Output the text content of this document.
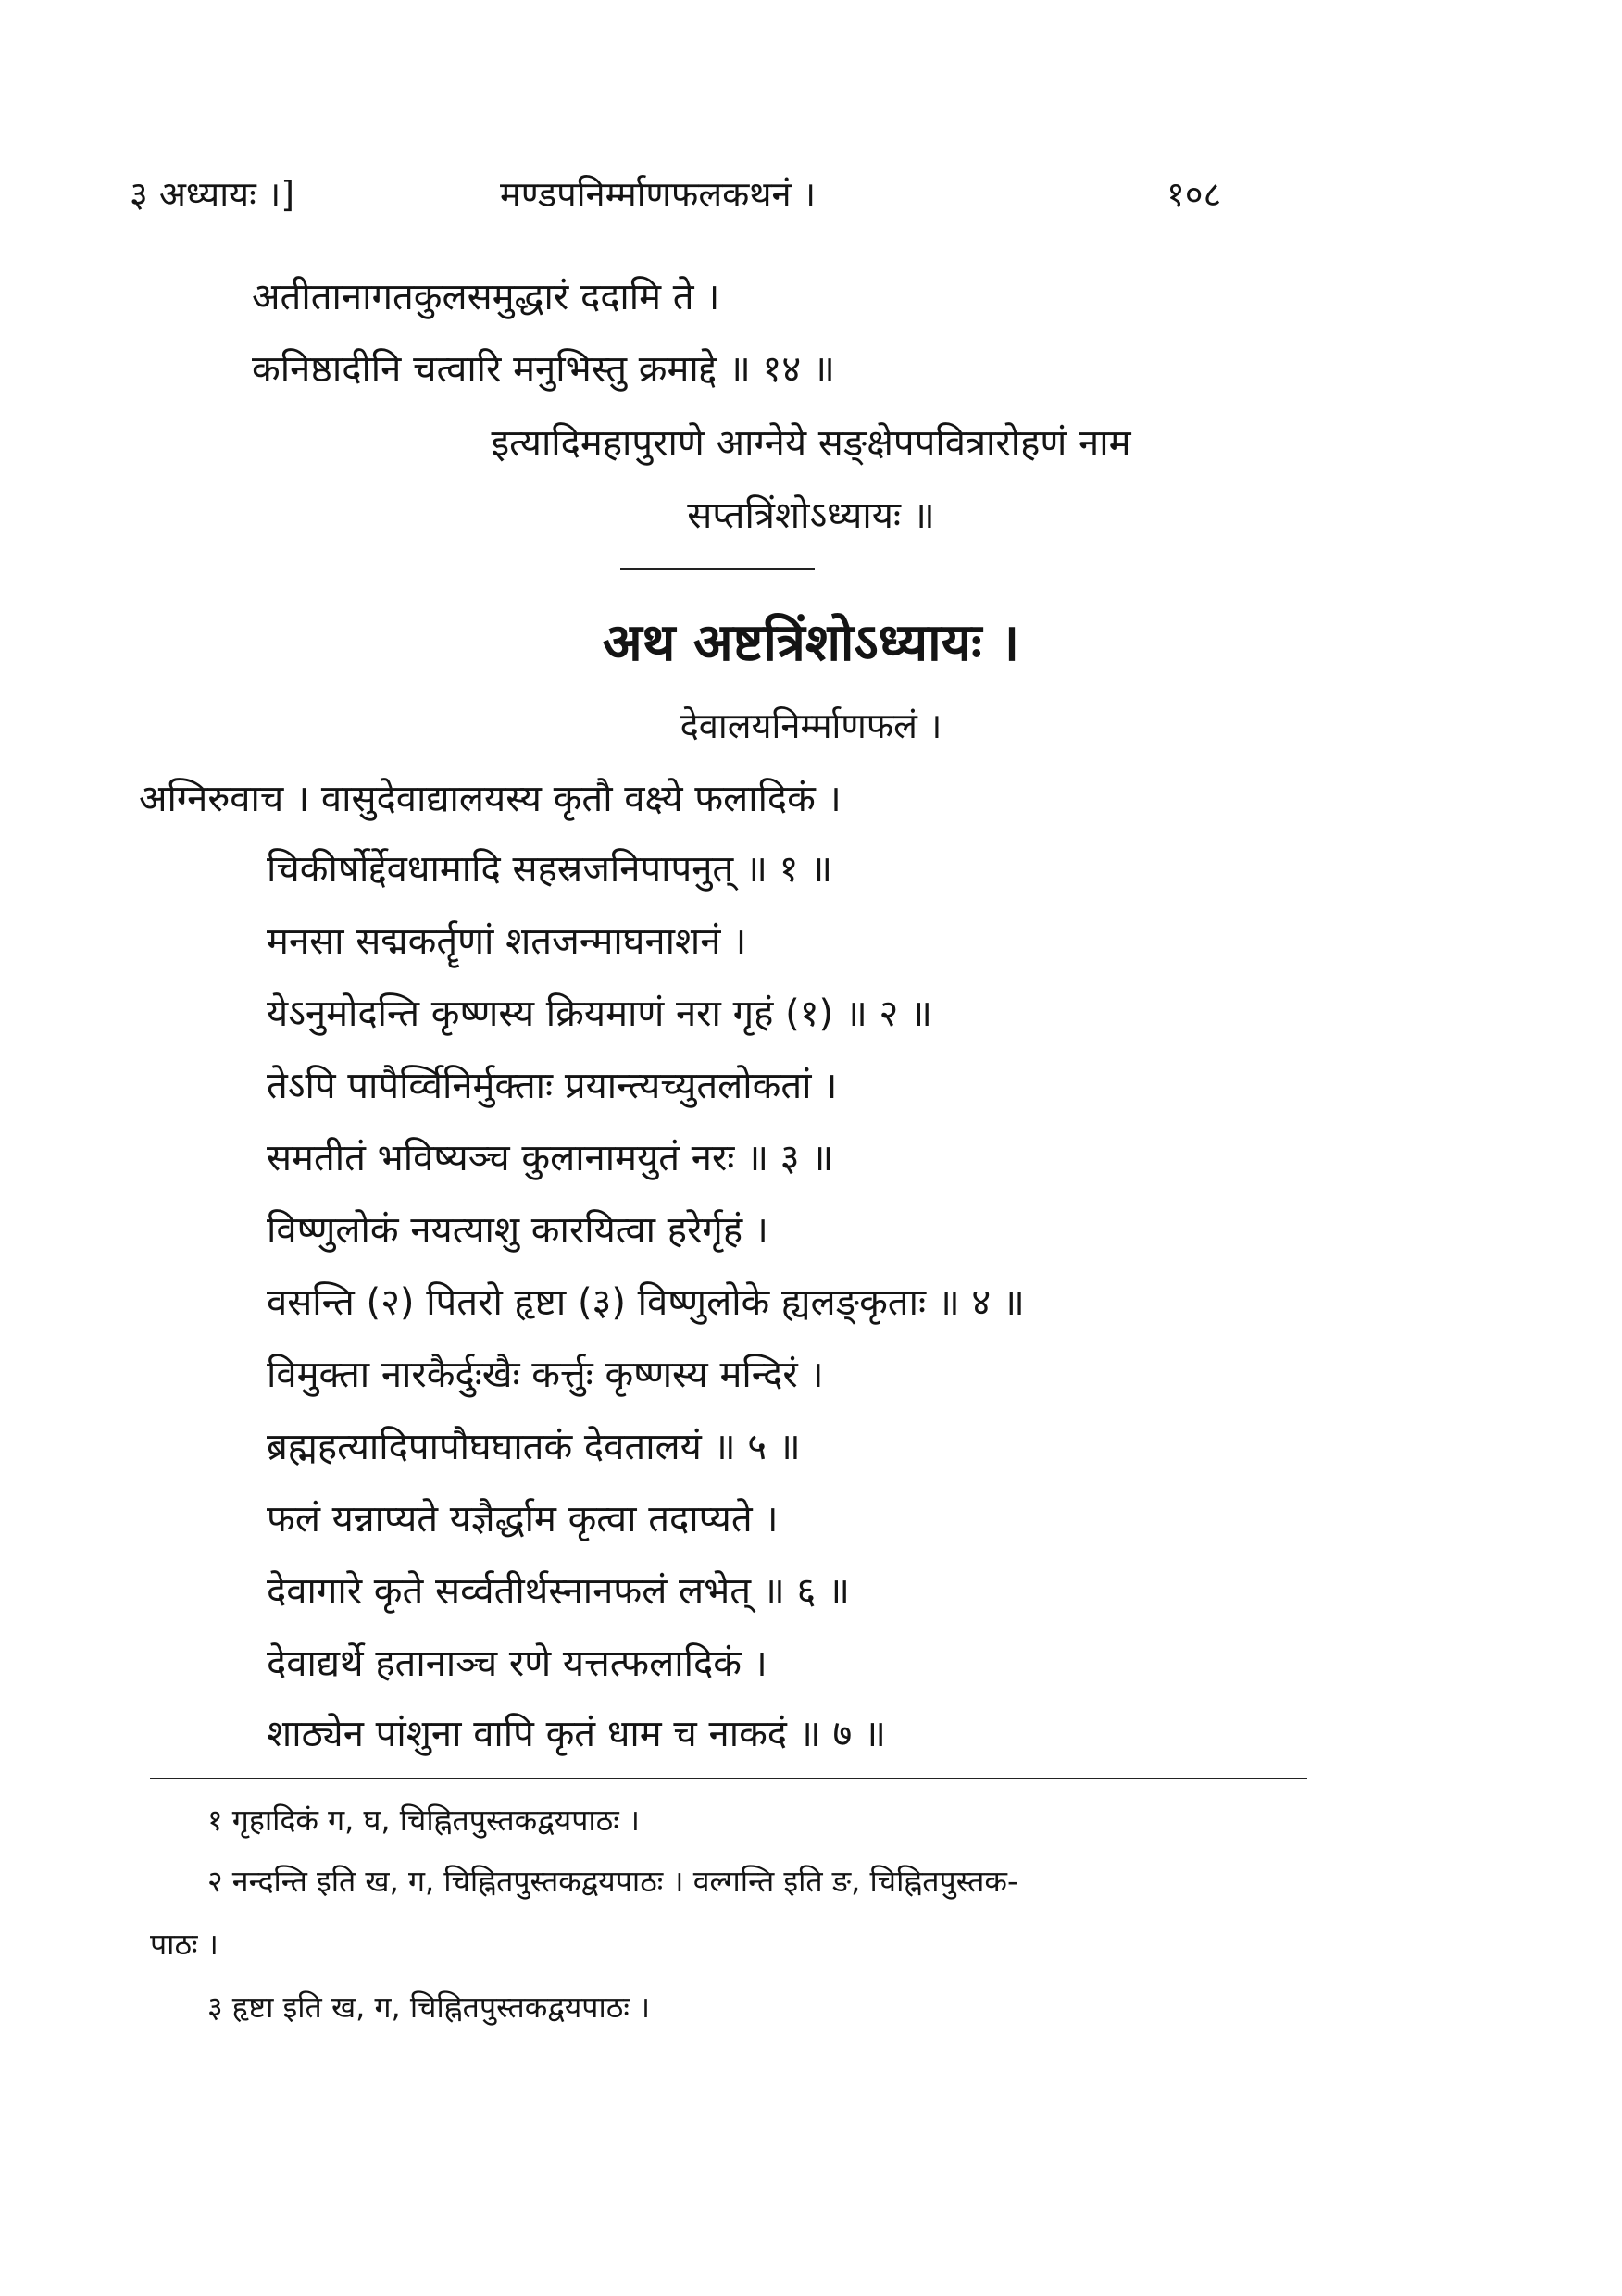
३ अध्यायः ।]	मण्डपनिर्म्माणफलकथनं ।	१०८
अतीतानागतकुलसमुद्धारं ददामि ते ।
कनिष्ठादीनि चत्वारि मनुभिस्तु क्रमाद्दे ॥ १४ ॥
इत्यादिमहापुराणे आग्नेये सङ्क्षेपपवित्रारोहणं नाम
सप्तत्रिंशोऽध्यायः ॥
अथ अष्टत्रिंशोऽध्यायः ।
देवालयनिर्म्माणफलं ।
अग्निरुवाच । वासुदेवाद्यालयस्य कृतौ वक्ष्ये फलादिकं ।
चिकीर्षोर्द्देवधामादि सहस्रजनिपापनुत् ॥ १ ॥
मनसा सद्मकर्तॄणां शतजन्माघनाशनं ।
येऽनुमोदन्ति कृष्णस्य क्रियमाणं नरा गृहं (१) ॥ २ ॥
तेऽपि पापैर्व्विनिर्मुक्ताः प्रयान्त्यच्युतलोकतां ।
समतीतं भविष्यञ्च कुलानामयुतं नरः ॥ ३ ॥
विष्णुलोकं नयत्याशु कारयित्वा हरेर्गृहं ।
वसन्ति (२) पितरो हृष्टा (३) विष्णुलोके ह्यलङ्कृताः ॥ ४ ॥
विमुक्ता नारकैर्दुःखैः कर्त्तुः कृष्णस्य मन्दिरं ।
ब्रह्महत्यादिपापौघघातकं देवतालयं ॥ ५ ॥
फलं यन्नाप्यते यज्ञैर्द्धाम कृत्वा तदाप्यते ।
देवागारे कृते सर्व्वतीर्थस्नानफलं लभेत् ॥ ६ ॥
देवाद्यर्थे हतानाञ्च रणे यत्तत्फलादिकं ।
शाठ्येन पांशुना वापि कृतं धाम च नाकदं ॥ ७ ॥
१ गृहादिकं ग, घ, चिह्नितपुस्तकद्वयपाठः ।
२ नन्दन्ति इति ख, ग, चिह्नितपुस्तकद्वयपाठः । वल्गन्ति इति ङ, चिह्नितपुस्तक-
पाठः ।
३ हृष्टा इति ख, ग, चिह्नितपुस्तकद्वयपाठः ।
